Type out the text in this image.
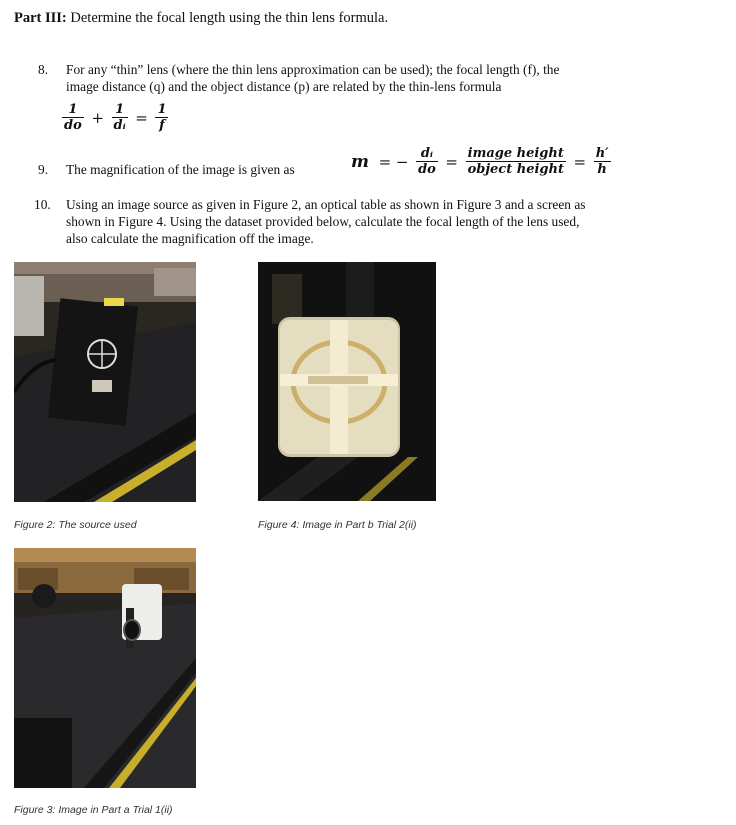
Part III: Determine the focal length using the thin lens formula.
8. For any “thin” lens (where the thin lens approximation can be used); the focal length (f), the
image distance (q) and the object distance (p) are related by the thin-lens formula
$\frac{1}{do} + \frac{1}{\text{dᵢ}} = \frac{1}{f}$
9. The magnification of the image is given as	m = − $\frac{\text{dᵢ}}{do} = \frac{\text{image height}}{\text{object height}} = \frac{h'}{h}$
10. Using an image source as given in Figure 2, an optical table as shown in Figure 3 and a screen as
shown in Figure 4. Using the dataset provided below, calculate the focal length of the lens used,
also calculate the magnification off the image.
Figure 2: The source used	Figure 4: Image in Part b Trial 2(ii)
Figure 3: Image in Part a Trial 1(ii)
